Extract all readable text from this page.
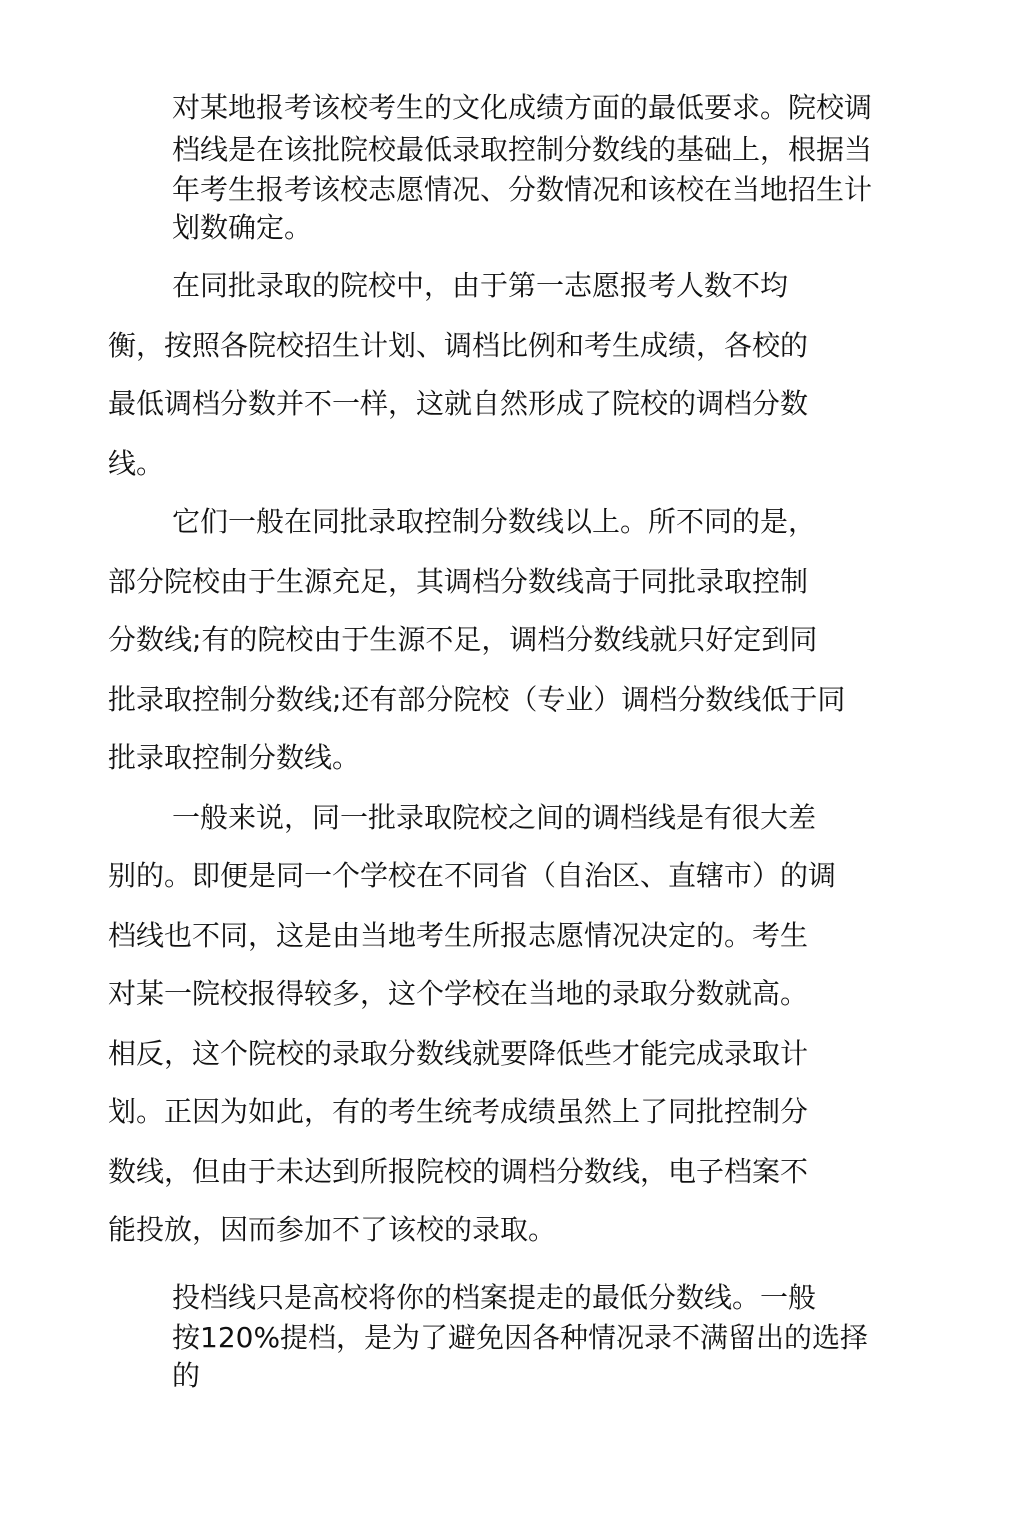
对某地报考该校考生的文化成绩方面的最低要求。院校调
档线是在该批院校最低录取控制分数线的基础上，根据当
年考生报考该校志愿情况、分数情况和该校在当地招生计
划数确定。
在同批录取的院校中，由于第一志愿报考人数不均
衡，按照各院校招生计划、调档比例和考生成绩，各校的
最低调档分数并不一样，这就自然形成了院校的调档分数
线。
它们一般在同批录取控制分数线以上。所不同的是，
部分院校由于生源充足，其调档分数线高于同批录取控制
分数线;有的院校由于生源不足，调档分数线就只好定到同
批录取控制分数线;还有部分院校（专业）调档分数线低于同
批录取控制分数线。
一般来说，同一批录取院校之间的调档线是有很大差
别的。即便是同一个学校在不同省（自治区、直辖市）的调
档线也不同，这是由当地考生所报志愿情况决定的。考生
对某一院校报得较多，这个学校在当地的录取分数就高。
相反，这个院校的录取分数线就要降低些才能完成录取计
划。正因为如此，有的考生统考成绩虽然上了同批控制分
数线，但由于未达到所报院校的调档分数线，电子档案不
能投放，因而参加不了该校的录取。
投档线只是高校将你的档案提走的最低分数线。一般
按120%提档，是为了避免因各种情况录不满留出的选择
的
